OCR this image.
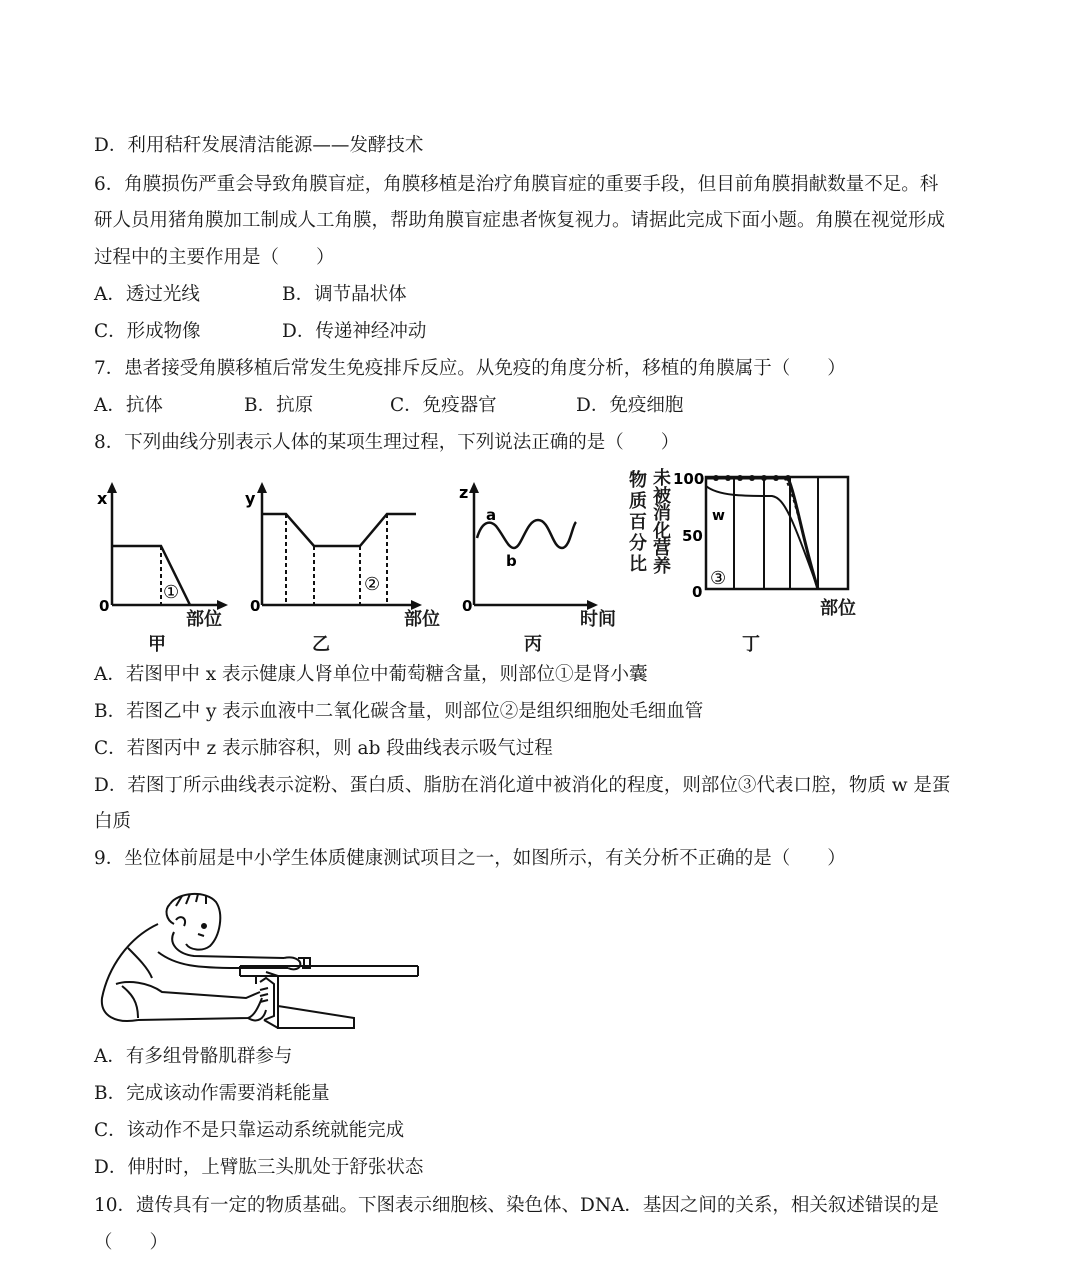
D．利用秸秆发展清洁能源——发酵技术
6．角膜损伤严重会导致角膜盲症，角膜移植是治疗角膜盲症的重要手段，但目前角膜捐献数量不足。科
研人员用猪角膜加工制成人工角膜，帮助角膜盲症患者恢复视力。请据此完成下面小题。角膜在视觉形成
过程中的主要作用是（　　）
A．透过光线	B．调节晶状体
C．形成物像	D．传递神经冲动
7．患者接受角膜移植后常发生免疫排斥反应。从免疫的角度分析，移植的角膜属于（　　）
A．抗体	B．抗原	C．免疫器官	D．免疫细胞
8．下列曲线分别表示人体的某项生理过程，下列说法正确的是（　　）
x
0
①
部位
甲
y
0
②
部位
乙
z
0
a
b
时间
丙
物质百分比
未被消化营养
100
50
0
w
③
部位
丁
A．若图甲中 x 表示健康人肾单位中葡萄糖含量，则部位①是肾小囊
B．若图乙中 y 表示血液中二氧化碳含量，则部位②是组织细胞处毛细血管
C．若图丙中 z 表示肺容积，则 ab 段曲线表示吸气过程
D．若图丁所示曲线表示淀粉、蛋白质、脂肪在消化道中被消化的程度，则部位③代表口腔，物质 w 是蛋
白质
9．坐位体前屈是中小学生体质健康测试项目之一，如图所示，有关分析不正确的是（　　）
A．有多组骨骼肌群参与
B．完成该动作需要消耗能量
C．该动作不是只靠运动系统就能完成
D．伸肘时，上臂肱三头肌处于舒张状态
10．遗传具有一定的物质基础。下图表示细胞核、染色体、DNA．基因之间的关系，相关叙述错误的是
（　　）
